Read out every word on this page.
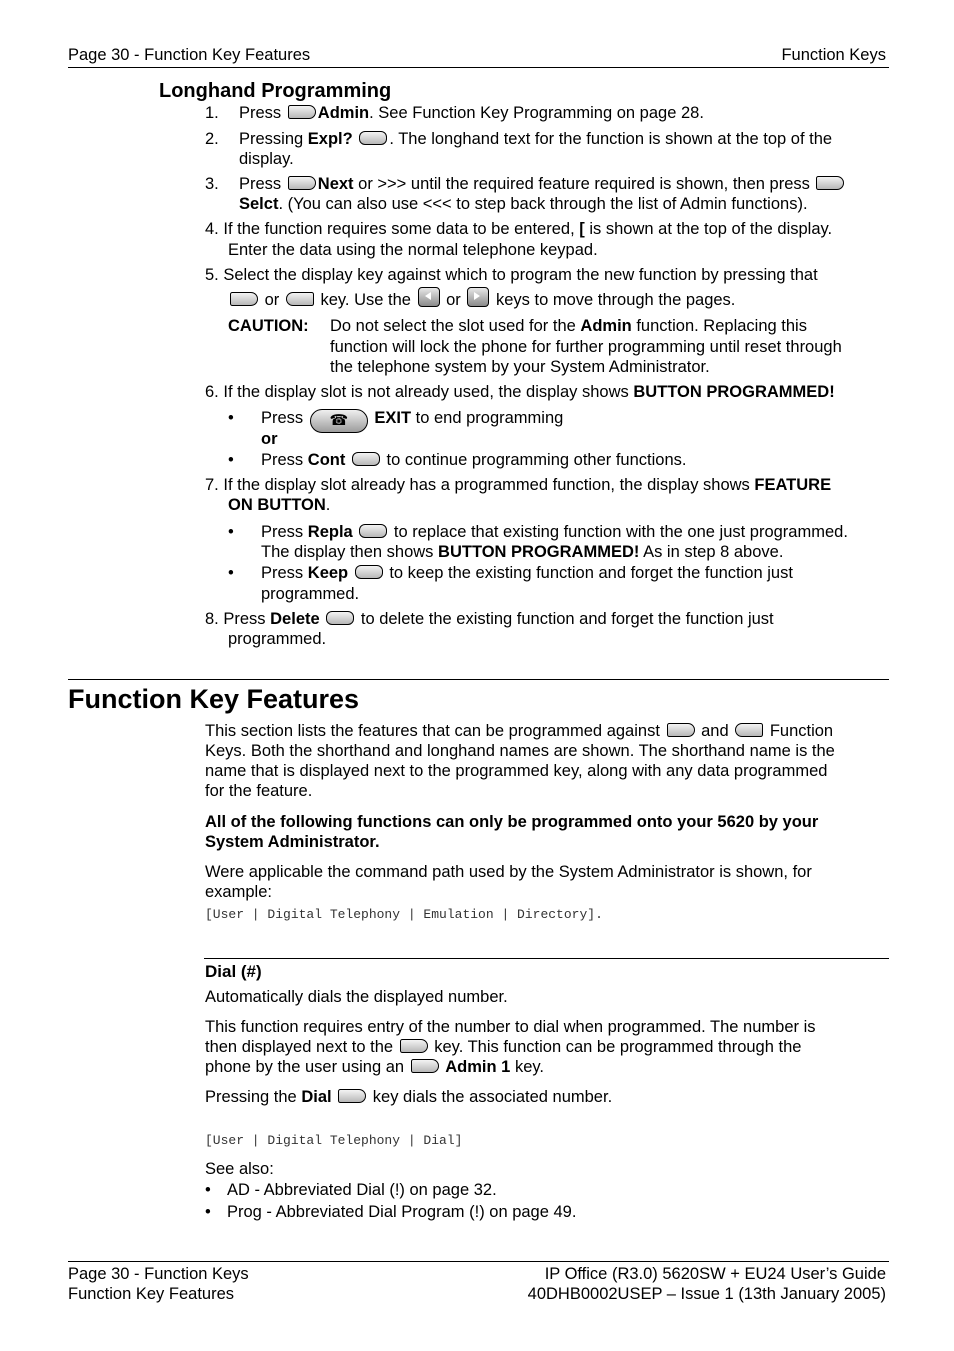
Page 30 - Function Key Features	Function Keys
Longhand Programming
1. Press Admin. See Function Key Programming on page 28.
2. Pressing Expl? . The longhand text for the function is shown at the top of the
display.
3. Press Next or >>> until the required feature required is shown, then press
Selct. (You can also use <<< to step back through the list of Admin functions).
4. If the function requires some data to be entered, [ is shown at the top of the display.
Enter the data using the normal telephone keypad.
5. Select the display key against which to program the new function by pressing that
or key. Use the or keys to move through the pages.
CAUTION: Do not select the slot used for the Admin function. Replacing this
function will lock the phone for further programming until reset through
the telephone system by your System Administrator.
6. If the display slot is not already used, the display shows BUTTON PROGRAMMED!
• Press ☎ EXIT to end programming
or
• Press Cont to continue programming other functions.
7. If the display slot already has a programmed function, the display shows FEATURE
ON BUTTON.
• Press Repla to replace that existing function with the one just programmed.
The display then shows BUTTON PROGRAMMED! As in step 8 above.
• Press Keep to keep the existing function and forget the function just
programmed.
8. Press Delete to delete the existing function and forget the function just
programmed.
Function Key Features
This section lists the features that can be programmed against and Function
Keys. Both the shorthand and longhand names are shown. The shorthand name is the
name that is displayed next to the programmed key, along with any data programmed
for the feature.
All of the following functions can only be programmed onto your 5620 by your
System Administrator.
Were applicable the command path used by the System Administrator is shown, for
example:
[User | Digital Telephony | Emulation | Directory].
Dial (#)
Automatically dials the displayed number.
This function requires entry of the number to dial when programmed. The number is
then displayed next to the key. This function can be programmed through the
phone by the user using an Admin 1 key.
Pressing the Dial key dials the associated number.
[User | Digital Telephony | Dial]
See also:
• AD - Abbreviated Dial (!) on page 32.
• Prog - Abbreviated Dial Program (!) on page 49.
Page 30 - Function Keys
Function Key Features
IP Office (R3.0) 5620SW + EU24 User’s Guide
40DHB0002USEP – Issue 1 (13th January 2005)
